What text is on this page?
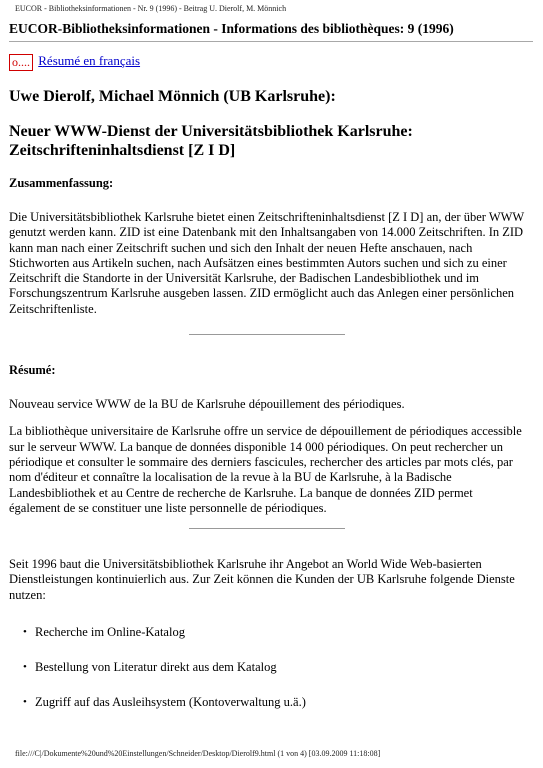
EUCOR - Bibliotheksinformationen - Nr. 9 (1996) - Beitrag U. Dierolf, M. Mönnich
EUCOR-Bibliotheksinformationen - Informations des bibliothèques: 9 (1996)
o.... Résumé en français
Uwe Dierolf, Michael Mönnich (UB Karlsruhe):
Neuer WWW-Dienst der Universitätsbibliothek Karlsruhe: Zeitschrifteninhaltsdienst [Z I D]
Zusammenfassung:

Die Universitätsbibliothek Karlsruhe bietet einen Zeitschrifteninhaltsdienst [Z I D] an, der über WWW genutzt werden kann. ZID ist eine Datenbank mit den Inhaltsangaben von 14.000 Zeitschriften. In ZID kann man nach einer Zeitschrift suchen und sich den Inhalt der neuen Hefte anschauen, nach Stichworten aus Artikeln suchen, nach Aufsätzen eines bestimmten Autors suchen und sich zu einer Zeitschrift die Standorte in der Universität Karlsruhe, der Badischen Landesbibliothek und im Forschungszentrum Karlsruhe ausgeben lassen. ZID ermöglicht auch das Anlegen einer persönlichen Zeitschriftenliste.

Résumé:

Nouveau service WWW de la BU de Karlsruhe dépouillement des périodiques.

La bibliothèque universitaire de Karlsruhe offre un service de dépouillement de périodiques accessible sur le serveur WWW. La banque de données disponible 14 000 périodiques. On peut rechercher un périodique et consulter le sommaire des derniers fascicules, rechercher des articles par mots clés, par nom d'éditeur et connaître la localisation de la revue à la BU de Karlsruhe, à la Badische Landesbibliothek et au Centre de recherche de Karlsruhe. La banque de données ZID permet également de se constituer une liste personnelle de périodiques.

Seit 1996 baut die Universitätsbibliothek Karlsruhe ihr Angebot an World Wide Web-basierten Dienstleistungen kontinuierlich aus. Zur Zeit können die Kunden der UB Karlsruhe folgende Dienste nutzen:

• Recherche im Online-Katalog
• Bestellung von Literatur direkt aus dem Katalog
• Zugriff auf das Ausleihsystem (Kontoverwaltung u.ä.)
file:///C|/Dokumente%20und%20Einstellungen/Schneider/Desktop/Dierolf9.html (1 von 4) [03.09.2009 11:18:08]
